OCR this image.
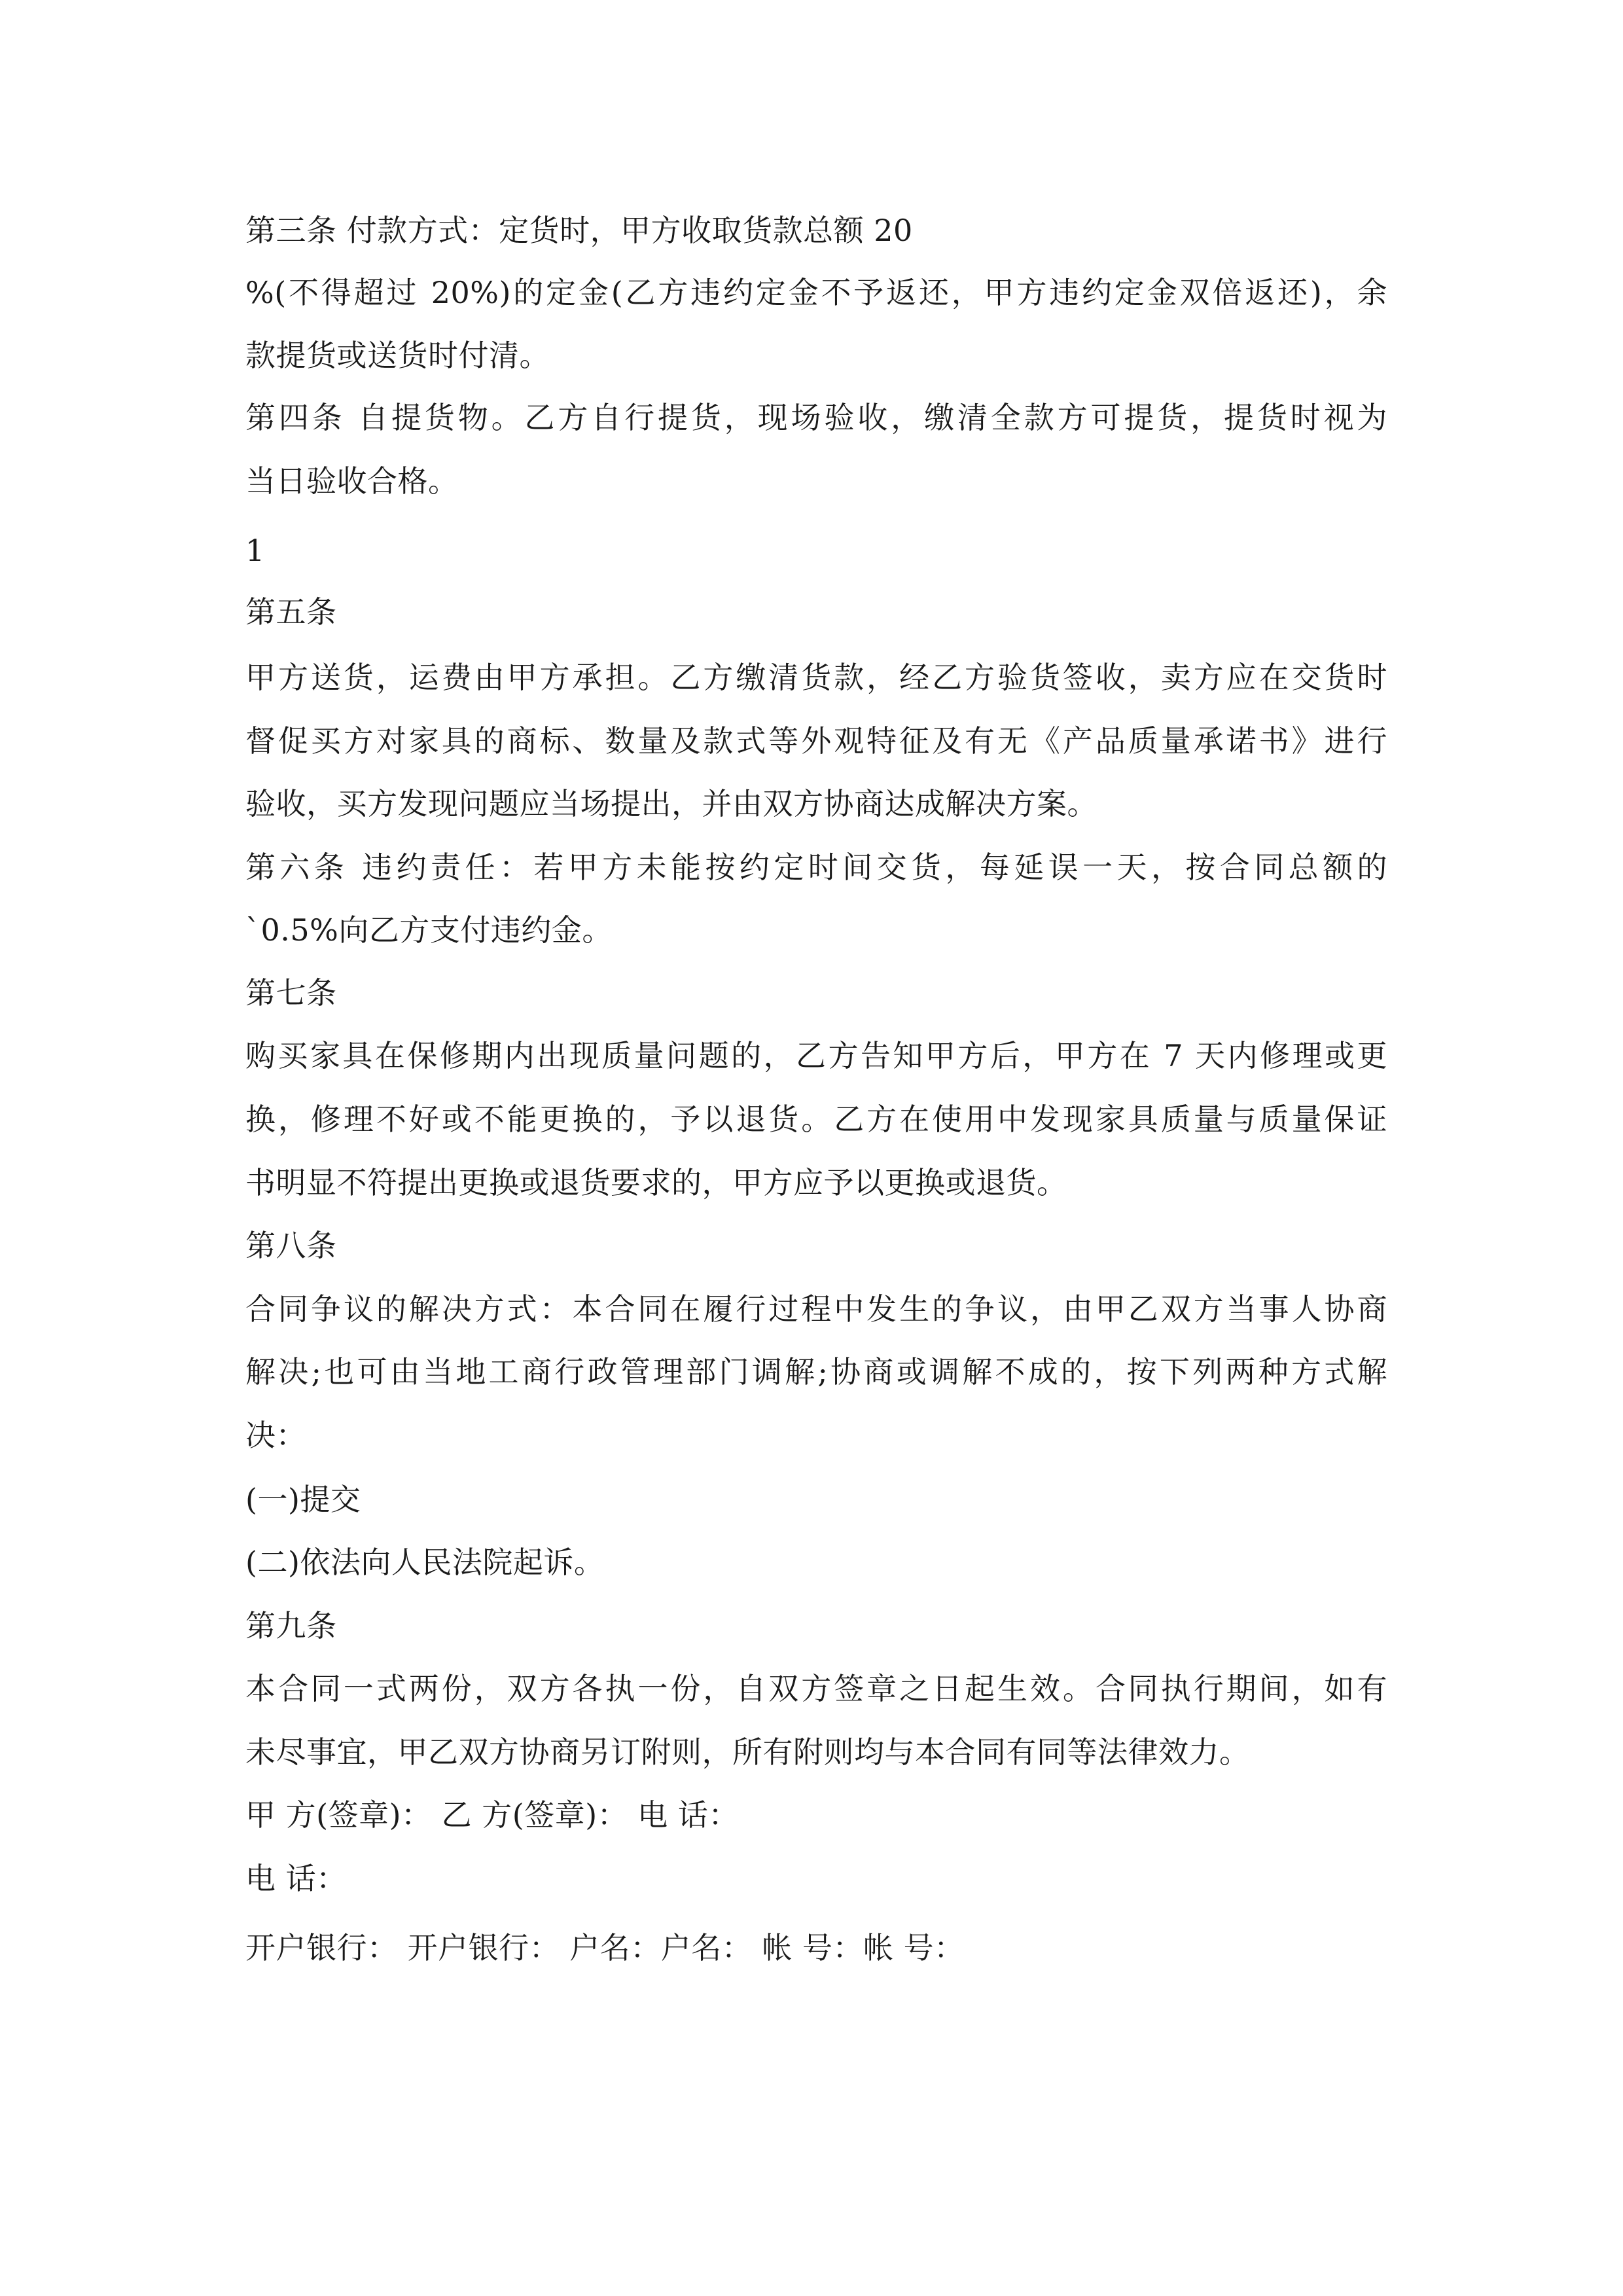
第三条 付款方式：定货时，甲方收取货款总额 20
%(不得超过 20%)的定金(乙方违约定金不予返还，甲方违约定金双倍返还)，余
款提货或送货时付清。
第四条 自提货物。乙方自行提货，现场验收，缴清全款方可提货，提货时视为
当日验收合格。
1
第五条
甲方送货，运费由甲方承担。乙方缴清货款，经乙方验货签收，卖方应在交货时
督促买方对家具的商标、数量及款式等外观特征及有无《产品质量承诺书》进行
验收，买方发现问题应当场提出，并由双方协商达成解决方案。
第六条 违约责任：若甲方未能按约定时间交货，每延误一天，按合同总额的
`0.5%向乙方支付违约金。
第七条
购买家具在保修期内出现质量问题的，乙方告知甲方后，甲方在 7 天内修理或更
换，修理不好或不能更换的，予以退货。乙方在使用中发现家具质量与质量保证
书明显不符提出更换或退货要求的，甲方应予以更换或退货。
第八条
合同争议的解决方式：本合同在履行过程中发生的争议，由甲乙双方当事人协商
解决;也可由当地工商行政管理部门调解;协商或调解不成的，按下列两种方式解
决：
(一)提交
(二)依法向人民法院起诉。
第九条
本合同一式两份，双方各执一份，自双方签章之日起生效。合同执行期间，如有
未尽事宜，甲乙双方协商另订附则，所有附则均与本合同有同等法律效力。
甲 方(签章)： 乙 方(签章)： 电 话：
电 话：
开户银行： 开户银行： 户名：户名： 帐 号：帐 号：
